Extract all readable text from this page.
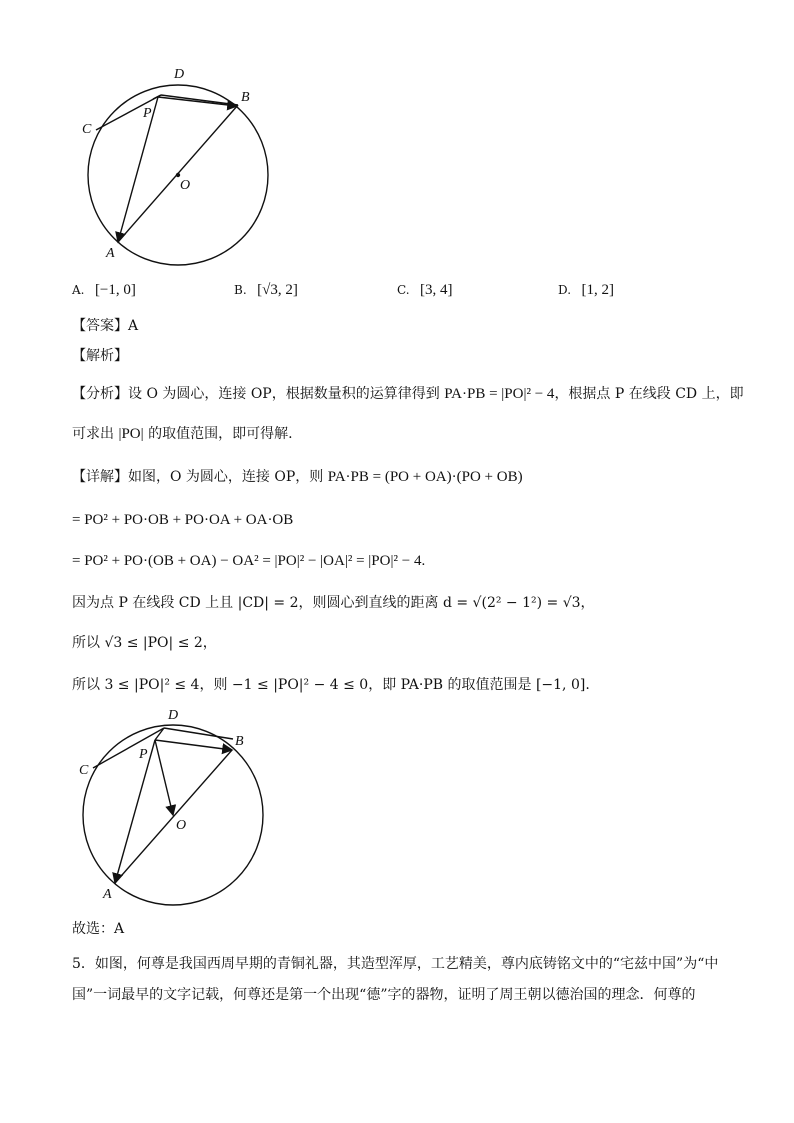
D
B
C
P
O
A
A. [−1, 0]	B. [√3, 2]	C. [3, 4]	D. [1, 2]
【答案】A
【解析】
【分析】设 O 为圆心，连接 OP，根据数量积的运算律得到 PA·PB = |PO|² − 4，根据点 P 在线段 CD 上，即
可求出 |PO| 的取值范围，即可得解.
【详解】如图，O 为圆心，连接 OP，则 PA·PB = (PO + OA)·(PO + OB)
= PO² + PO·OB + PO·OA + OA·OB
= PO² + PO·(OB + OA) − OA² = |PO|² − |OA|² = |PO|² − 4.
因为点 P 在线段 CD 上且 |CD| = 2，则圆心到直线的距离 d = √(2² − 1²) = √3，
所以 √3 ≤ |PO| ≤ 2，
所以 3 ≤ |PO|² ≤ 4，则 −1 ≤ |PO|² − 4 ≤ 0，即 PA·PB 的取值范围是 [−1, 0].
D
B
C
P
O
A
故选：A
5．如图，何尊是我国西周早期的青铜礼器，其造型浑厚，工艺精美，尊内底铸铭文中的“宅兹中国”为“中
国”一词最早的文字记载，何尊还是第一个出现“德”字的器物，证明了周王朝以德治国的理念．何尊的
